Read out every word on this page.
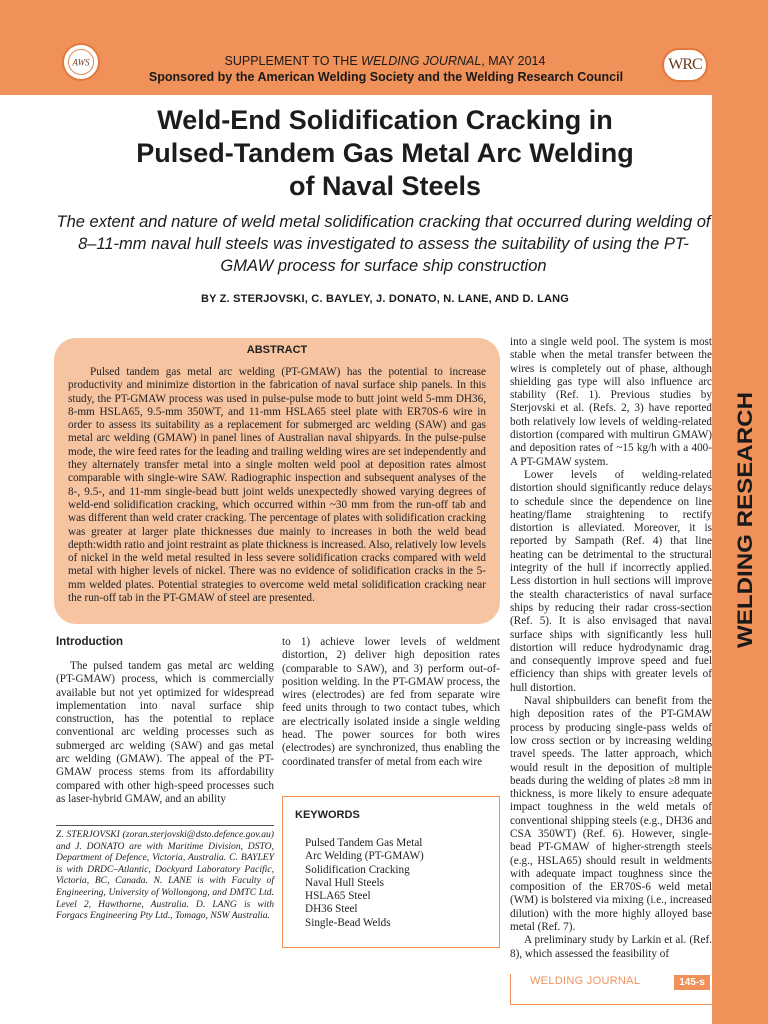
AWS	WRC
SUPPLEMENT TO THE WELDING JOURNAL, MAY 2014
Sponsored by the American Welding Society and the Welding Research Council
WELDING RESEARCH
Weld-End Solidification Cracking in
Pulsed-Tandem Gas Metal Arc Welding
of Naval Steels
The extent and nature of weld metal solidification cracking that occurred during welding of 8–11-mm naval hull steels was investigated to assess the suitability of using the PT-GMAW process for surface ship construction
BY Z. STERJOVSKI, C. BAYLEY, J. DONATO, N. LANE, AND D. LANG
ABSTRACT

Pulsed tandem gas metal arc welding (PT-GMAW) has the potential to increase productivity and minimize distortion in the fabrication of naval surface ship panels. In this study, the PT-GMAW process was used in pulse-pulse mode to butt joint weld 5-mm DH36, 8-mm HSLA65, 9.5-mm 350WT, and 11-mm HSLA65 steel plate with ER70S-6 wire in order to assess its suitability as a replacement for submerged arc welding (SAW) and gas metal arc welding (GMAW) in panel lines of Australian naval shipyards. In the pulse-pulse mode, the wire feed rates for the leading and trailing welding wires are set independently and they alternately transfer metal into a single molten weld pool at deposition rates almost comparable with single-wire SAW. Radiographic inspection and subsequent analyses of the 8-, 9.5-, and 11-mm single-bead butt joint welds unexpectedly showed varying degrees of weld-end solidification cracking, which occurred within ~30 mm from the run-off tab and was different than weld crater cracking. The percentage of plates with solidification cracking was greater at larger plate thicknesses due mainly to increases in both the weld bead depth:width ratio and joint restraint as plate thickness is increased. Also, relatively low levels of nickel in the weld metal resulted in less severe solidification cracks compared with weld metal with higher levels of nickel. There was no evidence of solidification cracks in the 5-mm welded plates. Potential strategies to overcome weld metal solidification cracking near the run-off tab in the PT-GMAW of steel are presented.

Introduction

The pulsed tandem gas metal arc welding (PT-GMAW) process, which is commercially available but not yet optimized for widespread implementation into naval surface ship construction, has the potential to replace conventional arc welding processes such as submerged arc welding (SAW) and gas metal arc welding (GMAW). The appeal of the PT-GMAW process stems from its affordability compared with other high-speed processes such as laser-hybrid GMAW, and an ability

Z. STERJOVSKI (zoran.sterjovski@dsto.defence.gov.au) and J. DONATO are with Maritime Division, DSTO, Department of Defence, Victoria, Australia. C. BAYLEY is with DRDC–Atlantic, Dockyard Laboratory Pacific, Victoria, BC, Canada. N. LANE is with Faculty of Engineering, University of Wollongong, and DMTC Ltd. Level 2, Hawthorne, Australia. D. LANG is with Forgacs Engineering Pty Ltd., Tomago, NSW Australia.

to 1) achieve lower levels of weldment distortion, 2) deliver high deposition rates (comparable to SAW), and 3) perform out-of-position welding. In the PT-GMAW process, the wires (electrodes) are fed from separate wire feed units through to two contact tubes, which are electrically isolated inside a single welding head. The power sources for both wires (electrodes) are synchronized, thus enabling the coordinated transfer of metal from each wire

KEYWORDS
Pulsed Tandem Gas Metal
Arc Welding (PT-GMAW)
Solidification Cracking
Naval Hull Steels
HSLA65 Steel
DH36 Steel
Single-Bead Welds

into a single weld pool. The system is most stable when the metal transfer between the wires is completely out of phase, although shielding gas type will also influence arc stability (Ref. 1). Previous studies by Sterjovski et al. (Refs. 2, 3) have reported both relatively low levels of welding-related distortion (compared with multirun GMAW) and deposition rates of ~15 kg/h with a 400-A PT-GMAW system.

Lower levels of welding-related distortion should significantly reduce delays to schedule since the dependence on line heating/flame straightening to rectify distortion is alleviated. Moreover, it is reported by Sampath (Ref. 4) that line heating can be detrimental to the structural integrity of the hull if incorrectly applied. Less distortion in hull sections will improve the stealth characteristics of naval surface ships by reducing their radar cross-section (Ref. 5). It is also envisaged that naval surface ships with significantly less hull distortion will reduce hydrodynamic drag, and consequently improve speed and fuel efficiency than ships with greater levels of hull distortion.

Naval shipbuilders can benefit from the high deposition rates of the PT-GMAW process by producing single-pass welds of low cross section or by increasing welding travel speeds. The latter approach, which would result in the deposition of multiple beads during the welding of plates ≥8 mm in thickness, is more likely to ensure adequate impact toughness in the weld metals of conventional shipping steels (e.g., DH36 and CSA 350WT) (Ref. 6). However, single-bead PT-GMAW of higher-strength steels (e.g., HSLA65) should result in weldments with adequate impact toughness since the composition of the ER70S-6 weld metal (WM) is bolstered via mixing (i.e., increased dilution) with the more highly alloyed base metal (Ref. 7).

A preliminary study by Larkin et al. (Ref. 8), which assessed the feasibility of

WELDING JOURNAL	145-s
